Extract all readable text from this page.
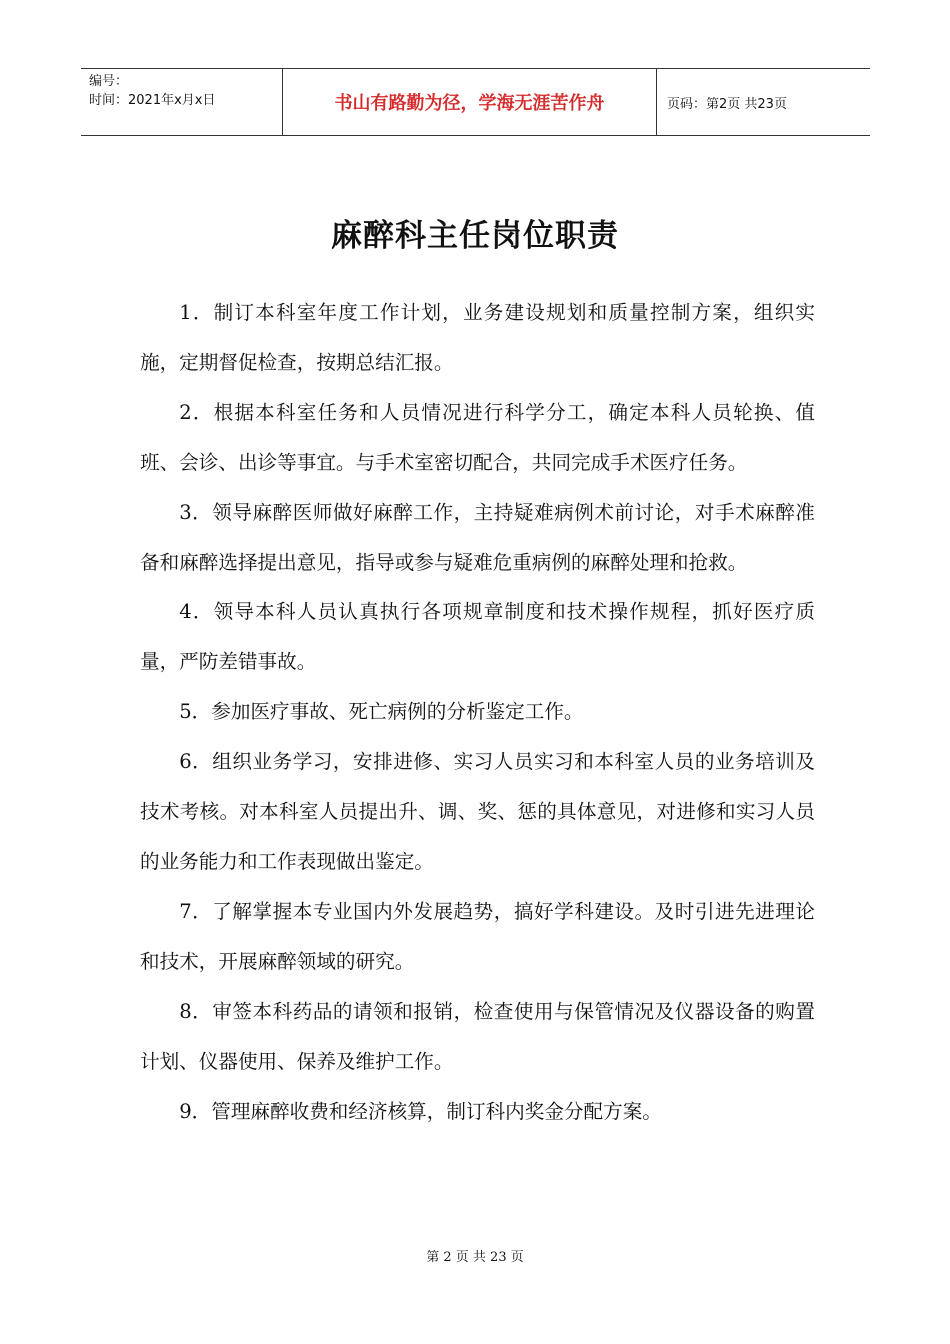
编号：
时间：2021年x月x日	书山有路勤为径，学海无涯苦作舟	页码：第2页 共23页
麻醉科主任岗位职责

1．制订本科室年度工作计划，业务建设规划和质量控制方案，组织实施，定期督促检查，按期总结汇报。

2．根据本科室任务和人员情况进行科学分工，确定本科人员轮换、值班、会诊、出诊等事宜。与手术室密切配合，共同完成手术医疗任务。

3．领导麻醉医师做好麻醉工作，主持疑难病例术前讨论，对手术麻醉准备和麻醉选择提出意见，指导或参与疑难危重病例的麻醉处理和抢救。

4．领导本科人员认真执行各项规章制度和技术操作规程，抓好医疗质量，严防差错事故。

5．参加医疗事故、死亡病例的分析鉴定工作。

6．组织业务学习，安排进修、实习人员实习和本科室人员的业务培训及技术考核。对本科室人员提出升、调、奖、惩的具体意见，对进修和实习人员的业务能力和工作表现做出鉴定。

7．了解掌握本专业国内外发展趋势，搞好学科建设。及时引进先进理论和技术，开展麻醉领域的研究。

8．审签本科药品的请领和报销，检查使用与保管情况及仪器设备的购置计划、仪器使用、保养及维护工作。

9．管理麻醉收费和经济核算，制订科内奖金分配方案。

第 2 页 共 23 页
